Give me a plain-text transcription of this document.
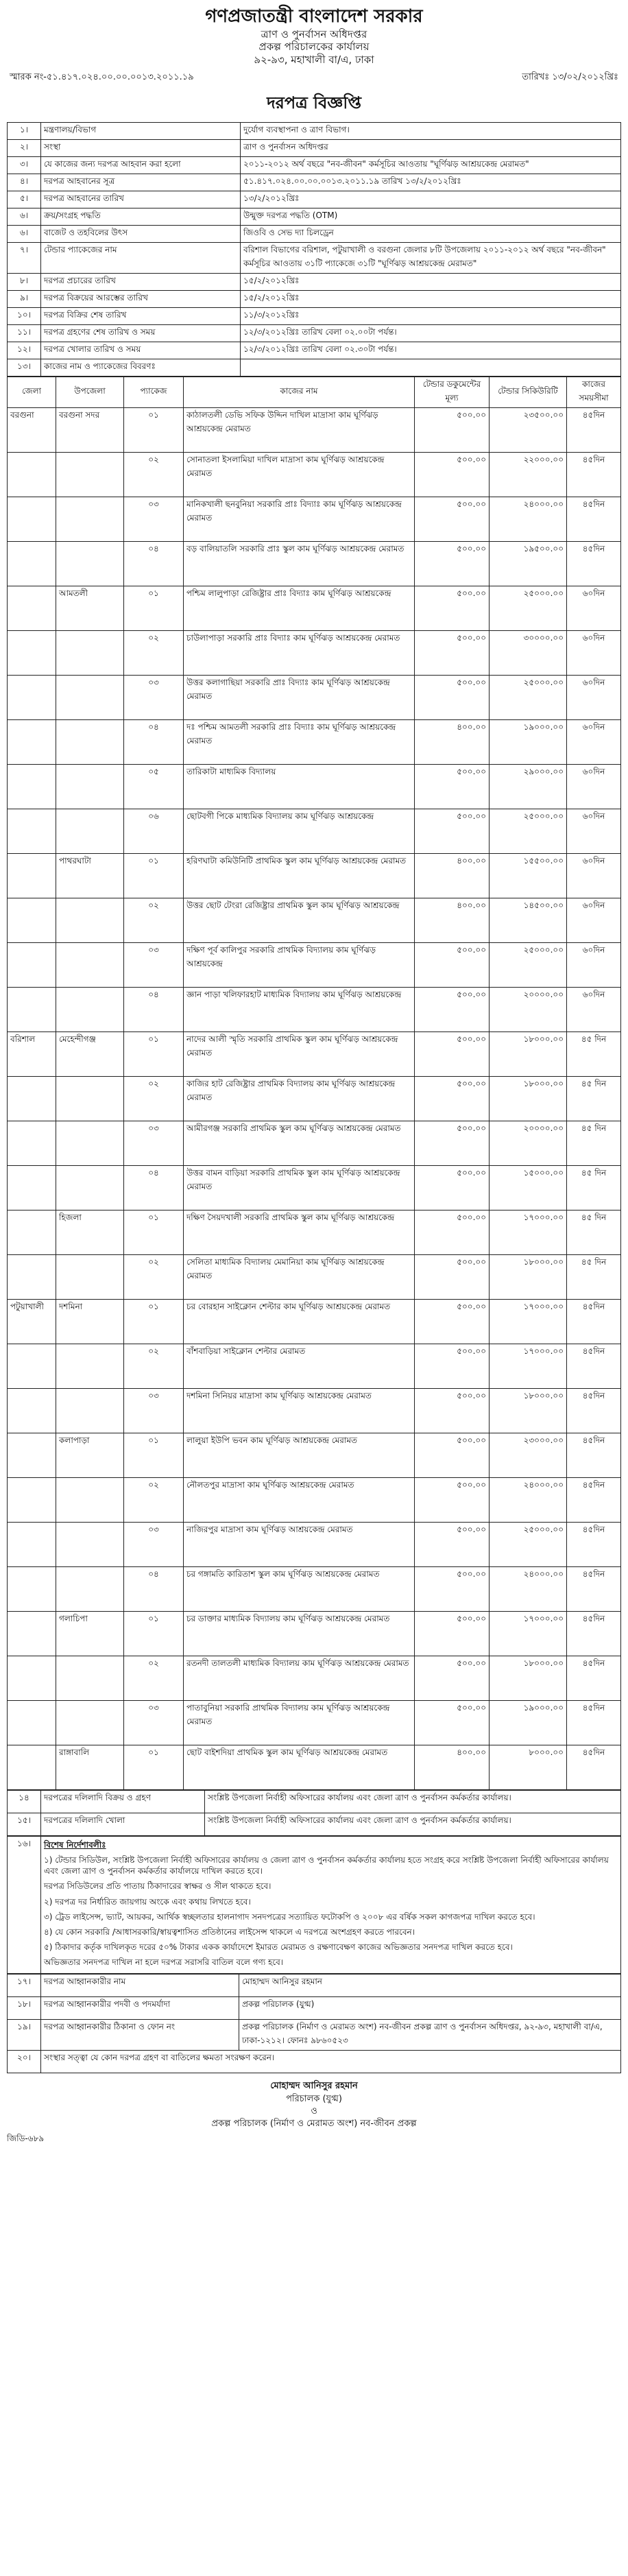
গণপ্রজাতন্ত্রী বাংলাদেশ সরকার
ত্রাণ ও পুনর্বাসন অধিদপ্তর
প্রকল্প পরিচালকের কার্যালয়
৯২-৯৩, মহাখালী বা/এ, ঢাকা
স্মারক নং-৫১.৪১৭.০২৪.০০.০০.০০১৩.২০১১.১৯	তারিখঃ ১৩/০২/২০১২খ্রিঃ
দরপত্র বিজ্ঞপ্তি
১।	মন্ত্রণালয়/বিভাগ	দুর্যোগ ব্যবস্থাপনা ও ত্রাণ বিভাগ।
২।	সংস্থা	ত্রাণ ও পুনর্বাসন অধিদপ্তর
৩।	যে কাজের জন্য দরপত্র আহবান করা হলো	২০১১-২০১২ অর্থ বছরে "নব-জীবন" কর্মসূচির আওতায় "ঘূর্ণিঝড় আশ্রয়কেন্দ্র মেরামত"
৪।	দরপত্র আহবানের সূত্র	৫১.৪১৭.০২৪.০০.০০.০০১৩.২০১১.১৯ তারিখ ১৩/২/২০১২খ্রিঃ
৫।	দরপত্র আহবানের তারিখ	১৩/২/২০১২খ্রিঃ
৬।	ক্রয়/সংগ্রহ পদ্ধতি	উন্মুক্ত দরপত্র পদ্ধতি (OTM)
৬।	বাজেট ও তহবিলের উৎস	জিওবি ও সেভ দ্যা চিলড্রেন
৭।	টেন্ডার প্যাকেজের নাম	বরিশাল বিভাগের বরিশাল, পটুয়াখালী ও বরগুনা জেলার ৮টি উপজেলায় ২০১১-২০১২ অর্থ বছরে "নব-জীবন" কর্মসূচির আওতায় ৩১টি প্যাকেজে ৩১টি "ঘূর্ণিঝড় আশ্রয়কেন্দ্র মেরামত"
৮।	দরপত্র প্রচারের তারিখ	১৫/২/২০১২খ্রিঃ
৯।	দরপত্র বিক্রয়ের আরম্ভের তারিখ	১৫/২/২০১২খ্রিঃ
১০।	দরপত্র বিক্রির শেষ তারিখ	১১/৩/২০১২খ্রিঃ
১১।	দরপত্র গ্রহণের শেষ তারিখ ও সময়	১২/৩/২০১২খ্রিঃ তারিখ বেলা ০২.০০টা পর্যন্ত।
১২।	দরপত্র খোলার তারিখ ও সময়	১২/৩/২০১২খ্রিঃ তারিখ বেলা ০২.৩০টা পর্যন্ত।
১৩।	কাজের নাম ও প্যাকেজের বিবরণঃ	
জেলা	উপজেলা	প্যাকেজ	কাজের নাম	টেন্ডার ডকুমেন্টের মূল্য	টেন্ডার সিকিউরিটি	কাজের সময়সীমা
বরগুনা	বরগুনা সদর	০১	কাঠালতলী ডেভি সফিক উদ্দিন দাখিল মাদ্রাসা কাম ঘূর্ণিঝড় আশ্রয়কেন্দ্র মেরামত	৫০০.০০	২৩৫০০.০০	৪৫দিন
		০২	সোনাতলা ইসলামিয়া দাখিল মাদ্রাসা কাম ঘূর্ণিঝড় আশ্রয়কেন্দ্র মেরামত	৫০০.০০	২২০০০.০০	৪৫দিন
		০৩	মানিকখালী ছনবুনিয়া সরকারি প্রাঃ বিদ্যাঃ কাম ঘূর্ণিঝড় আশ্রয়কেন্দ্র মেরামত	৫০০.০০	২৪০০০.০০	৪৫দিন
		০৪	বড় বালিয়াতলি সরকারি প্রাঃ স্কুল কাম ঘূর্ণিঝড় আশ্রয়কেন্দ্র মেরামত	৫০০.০০	১৯৫০০.০০	৪৫দিন
	আমতলী	০১	পশ্চিম লালুপাড়া রেজিষ্ট্রার প্রাঃ বিদ্যাঃ কাম ঘূর্ণিঝড় আশ্রয়কেন্দ্র	৫০০.০০	২৫০০০.০০	৬০দিন
		০২	চাউলাপাড়া সরকারি প্রাঃ বিদ্যাঃ কাম ঘূর্ণিঝড় আশ্রয়কেন্দ্র মেরামত	৫০০.০০	৩০০০০.০০	৬০দিন
		০৩	উত্তর কলাগাছিয়া সরকারি প্রাঃ বিদ্যাঃ কাম ঘূর্ণিঝড় আশ্রয়কেন্দ্র মেরামত	৫০০.০০	২৫০০০.০০	৬০দিন
		০৪	দঃ পশ্চিম আমতলী সরকারি প্রাঃ বিদ্যাঃ কাম ঘূর্ণিঝড় আশ্রয়কেন্দ্র মেরামত	৪০০.০০	১৯০০০.০০	৬০দিন
		০৫	তারিকাটা মাধ্যমিক বিদ্যালয়	৫০০.০০	২৯০০০.০০	৬০দিন
		০৬	ছোটবগী পিকে মাধ্যমিক বিদ্যালয় কাম ঘূর্ণিঝড় আশ্রয়কেন্দ্র	৫০০.০০	২৫০০০.০০	৬০দিন
	পাথরঘাটা	০১	হরিণঘাটা কমিউনিটি প্রাথমিক স্কুল কাম ঘূর্ণিঝড় আশ্রয়কেন্দ্র মেরামত	৪০০.০০	১৫৫০০.০০	৬০দিন
		০২	উত্তর ছোট টেংরা রেজিষ্ট্রার প্রাথমিক স্কুল কাম ঘূর্ণিঝড় আশ্রয়কেন্দ্র	৪০০.০০	১৪৫০০.০০	৬০দিন
		০৩	দক্ষিণ পূর্ব কালিপুর সরকারি প্রাথমিক বিদ্যালয় কাম ঘূর্ণিঝড় আশ্রয়কেন্দ্র	৫০০.০০	২৫০০০.০০	৬০দিন
		০৪	জ্ঞান পাড়া খলিফারহাট মাধ্যমিক বিদ্যালয় কাম ঘূর্ণিঝড় আশ্রয়কেন্দ্র	৫০০.০০	২০০০০.০০	৬০দিন
বরিশাল	মেহেন্দীগঞ্জ	০১	নাদের আলী স্মৃতি সরকারি প্রাথমিক স্কুল কাম ঘূর্ণিঝড় আশ্রয়কেন্দ্র মেরামত	৫০০.০০	১৮০০০.০০	৪৫ দিন
		০২	কাজির হাট রেজিষ্ট্রার প্রাথমিক বিদ্যালয় কাম ঘূর্ণিঝড় আশ্রয়কেন্দ্র মেরামত	৫০০.০০	১৮০০০.০০	৪৫ দিন
		০৩	আমীরগঞ্জ সরকারি প্রাথমিক স্কুল কাম ঘূর্ণিঝড় আশ্রয়কেন্দ্র মেরামত	৫০০.০০	২০০০০.০০	৪৫ দিন
		০৪	উত্তর বামন বাড়িয়া সরকারি প্রাথমিক স্কুল কাম ঘূর্ণিঝড় আশ্রয়কেন্দ্র মেরামত	৫০০.০০	১৫০০০.০০	৪৫ দিন
	হিজলা	০১	দক্ষিণ সৈয়দখালী সরকারি প্রাথমিক স্কুল কাম ঘূর্ণিঝড় আশ্রয়কেন্দ্র	৫০০.০০	১৭০০০.০০	৪৫ দিন
		০২	সেলিতা মাধ্যমিক বিদ্যালয় মেমানিয়া কাম ঘূর্ণিঝড় আশ্রয়কেন্দ্র মেরামত	৫০০.০০	১৮০০০.০০	৪৫ দিন
পটুয়াখালী	দশমিনা	০১	চর বোরহান সাইক্লোন শেল্টার কাম ঘূর্ণিঝড় আশ্রয়কেন্দ্র মেরামত	৫০০.০০	১৭০০০.০০	৪৫দিন
		০২	বাঁশবাড়িয়া সাইক্লোন শেল্টার মেরামত	৫০০.০০	১৭০০০.০০	৪৫দিন
		০৩	দশমিনা সিনিয়র মাদ্রাসা কাম ঘূর্ণিঝড় আশ্রয়কেন্দ্র মেরামত	৫০০.০০	১৮০০০.০০	৪৫দিন
	কলাপাড়া	০১	লালুয়া ইউপি ভবন কাম ঘূর্ণিঝড় আশ্রয়কেন্দ্র মেরামত	৫০০.০০	২৩০০০.০০	৪৫দিন
		০২	নৌলতপুর মাদ্রাসা কাম ঘূর্ণিঝড় আশ্রয়কেন্দ্র মেরামত	৫০০.০০	২৪০০০.০০	৪৫দিন
		০৩	নাজিরপুর মাদ্রাসা কাম ঘূর্ণিঝড় আশ্রয়কেন্দ্র মেরামত	৫০০.০০	২৫০০০.০০	৪৫দিন
		০৪	চর গঙ্গামতি কারিতাশ স্কুল কাম ঘূর্ণিঝড় আশ্রয়কেন্দ্র মেরামত	৫০০.০০	২৪০০০.০০	৪৫দিন
	গলাচিপা	০১	চর ডাক্তার মাধ্যমিক বিদ্যালয় কাম ঘূর্ণিঝড় আশ্রয়কেন্দ্র মেরামত	৫০০.০০	১৭০০০.০০	৪৫দিন
		০২	রতনদী তালতলী মাধ্যমিক বিদ্যালয় কাম ঘূর্ণিঝড় আশ্রয়কেন্দ্র মেরামত	৫০০.০০	১৮০০০.০০	৪৫দিন
		০৩	পাতাবুনিয়া সরকারি প্রাথমিক বিদ্যালয় কাম ঘূর্ণিঝড় আশ্রয়কেন্দ্র মেরামত	৫০০.০০	১৯০০০.০০	৪৫দিন
	রাঙ্গাবালি	০১	ছোট বাইশদিয়া প্রাথমিক স্কুল কাম ঘূর্ণিঝড় আশ্রয়কেন্দ্র মেরামত	৪০০.০০	৮০০০.০০	৪৫দিন
১৪	দরপত্রের দলিলাদি বিক্রয় ও গ্রহণ	সংশ্লিষ্ট উপজেলা নির্বাহী অফিসারের কার্যালয় এবং জেলা ত্রাণ ও পুনর্বাসন কর্মকর্তার কার্যালয়।
১৫।	দরপত্রের দলিলাদি খোলা	সংশ্লিষ্ট উপজেলা নির্বাহী অফিসারের কার্যালয় এবং জেলা ত্রাণ ও পুনর্বাসন কর্মকর্তার কার্যালয়।
১৬।	বিশেষ নির্দেশাবলীঃ

১) টেন্ডার সিডিউল, সংশ্লিষ্ট উপজেলা নির্বাহী অফিসারের কার্যালয় ও জেলা ত্রাণ ও পুনর্বাসন কর্মকর্তার কার্যালয় হতে সংগ্রহ করে সংশ্লিষ্ট উপজেলা নির্বাহী অফিসারের কার্যালয় এবং জেলা ত্রাণ ও পুনর্বাসন কর্মকর্তার কার্যালয়ে দাখিল করতে হবে।

দরপত্র সিডিউলের প্রতি পাতায় ঠিকাদারের স্বাক্ষর ও সীল থাকতে হবে।

২) দরপত্র দর নির্ধারিত জায়গায় অংকে এবং কথায় লিখতে হবে।

৩) ট্রেড লাইসেন্স, ভ্যাট, আয়কর, আর্থিক স্বচ্ছলতার হালনাগাদ সনদপত্রের সত্যায়িত ফটোকপি ও ২০০৮ এর বর্ষিক সকল কাগজপত্র দাখিল করতে হবে।

৪) যে কোন সরকারি /আধাসরকারি/স্বায়ত্বশাসিত প্রতিষ্ঠানের লাইসেন্স থাকলে এ দরপত্রে অংশগ্রহণ করতে পারবেন।

৫) ঠিকাদার কর্তৃক দাখিলকৃত দরের ৫০% টাকার একক কার্যাদেশে ইমারত মেরামত ও রক্ষণাবেক্ষণ কাজের অভিজ্ঞতার সনদপত্র দাখিল করতে হবে।

অভিজ্ঞতার সনদপত্র দাখিল না হলে দরপত্র সরাসরি বাতিল বলে গণ্য হবে।

১৭।	দরপত্র আহ্বানকারীর নাম	মোহাম্মদ আনিসুর রহমান
১৮।	দরপত্র আহ্বানকারীর পদবী ও পদমর্যাদা	প্রকল্প পরিচালক (যুগ্ম)
১৯।	দরপত্র আহ্বানকারীর ঠিকানা ও ফোন নং	প্রকল্প পরিচালক (নির্মাণ ও মেরামত অংশ) নব-জীবন প্রকল্প ত্রাণ ও পুনর্বাসন অধিদপ্তর, ৯২-৯৩, মহাখালী বা/এ, ঢাকা-১২১২। ফোনঃ ৯৮৬০৫২৩
২০।	সংস্থার সত্ত্বা যে কোন দরপত্র গ্রহণ বা বাতিলের ক্ষমতা সংরক্ষণ করেন।	
মোহাম্মদ আনিসুর রহমান
পরিচালক (যুগ্ম)
ও
প্রকল্প পরিচালক (নির্মাণ ও মেরামত অংশ) নব-জীবন প্রকল্প
জিডি-৬৮৯
